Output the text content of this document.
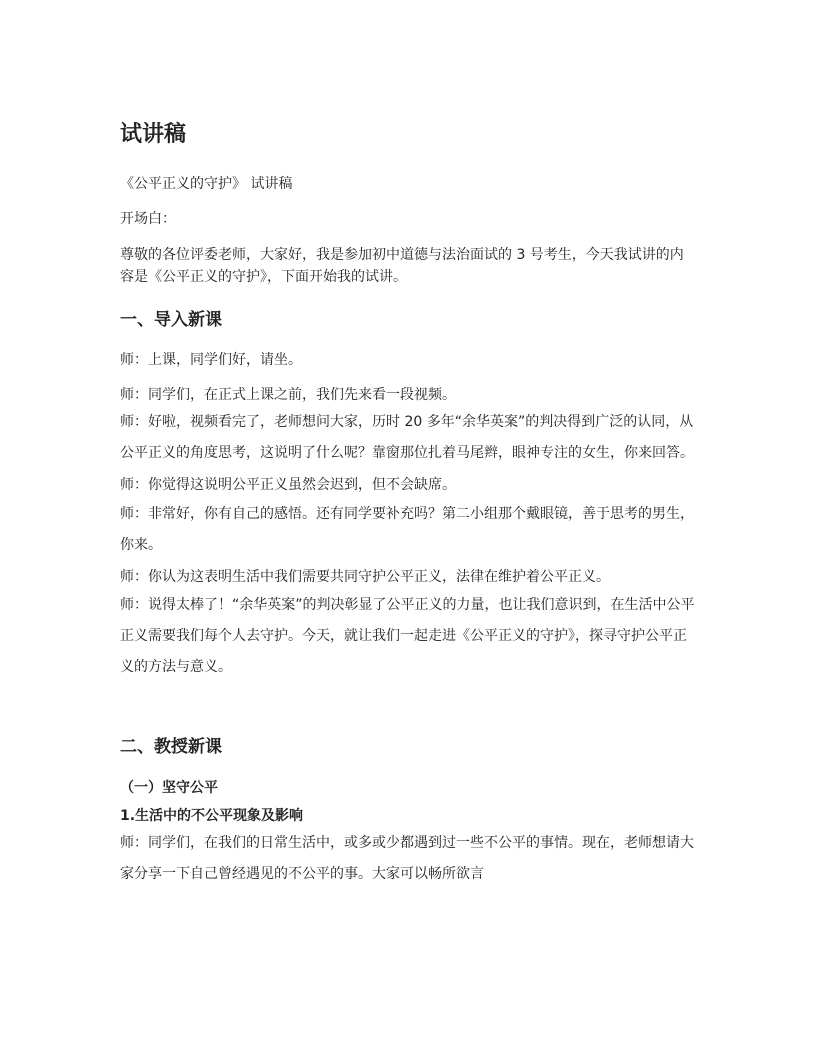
试讲稿

《公平正义的守护》 试讲稿

开场白：

尊敬的各位评委老师，大家好，我是参加初中道德与法治面试的 3 号考生，今天我试讲的内容是《公平正义的守护》，下面开始我的试讲。

一、导入新课

师：上课，同学们好，请坐。

师：同学们，在正式上课之前，我们先来看一段视频。

师：好啦，视频看完了，老师想问大家，历时 20 多年“余华英案”的判决得到广泛的认同，从公平正义的角度思考，这说明了什么呢？靠窗那位扎着马尾辫，眼神专注的女生，你来回答。

师：你觉得这说明公平正义虽然会迟到，但不会缺席。

师：非常好，你有自己的感悟。还有同学要补充吗？第二小组那个戴眼镜，善于思考的男生，你来。

师：你认为这表明生活中我们需要共同守护公平正义，法律在维护着公平正义。

师：说得太棒了！“余华英案”的判决彰显了公平正义的力量，也让我们意识到，在生活中公平正义需要我们每个人去守护。今天，就让我们一起走进《公平正义的守护》，探寻守护公平正义的方法与意义。

二、教授新课

（一）坚守公平

1.生活中的不公平现象及影响

师：同学们，在我们的日常生活中，或多或少都遇到过一些不公平的事情。现在，老师想请大家分享一下自己曾经遇见的不公平的事。大家可以畅所欲言
